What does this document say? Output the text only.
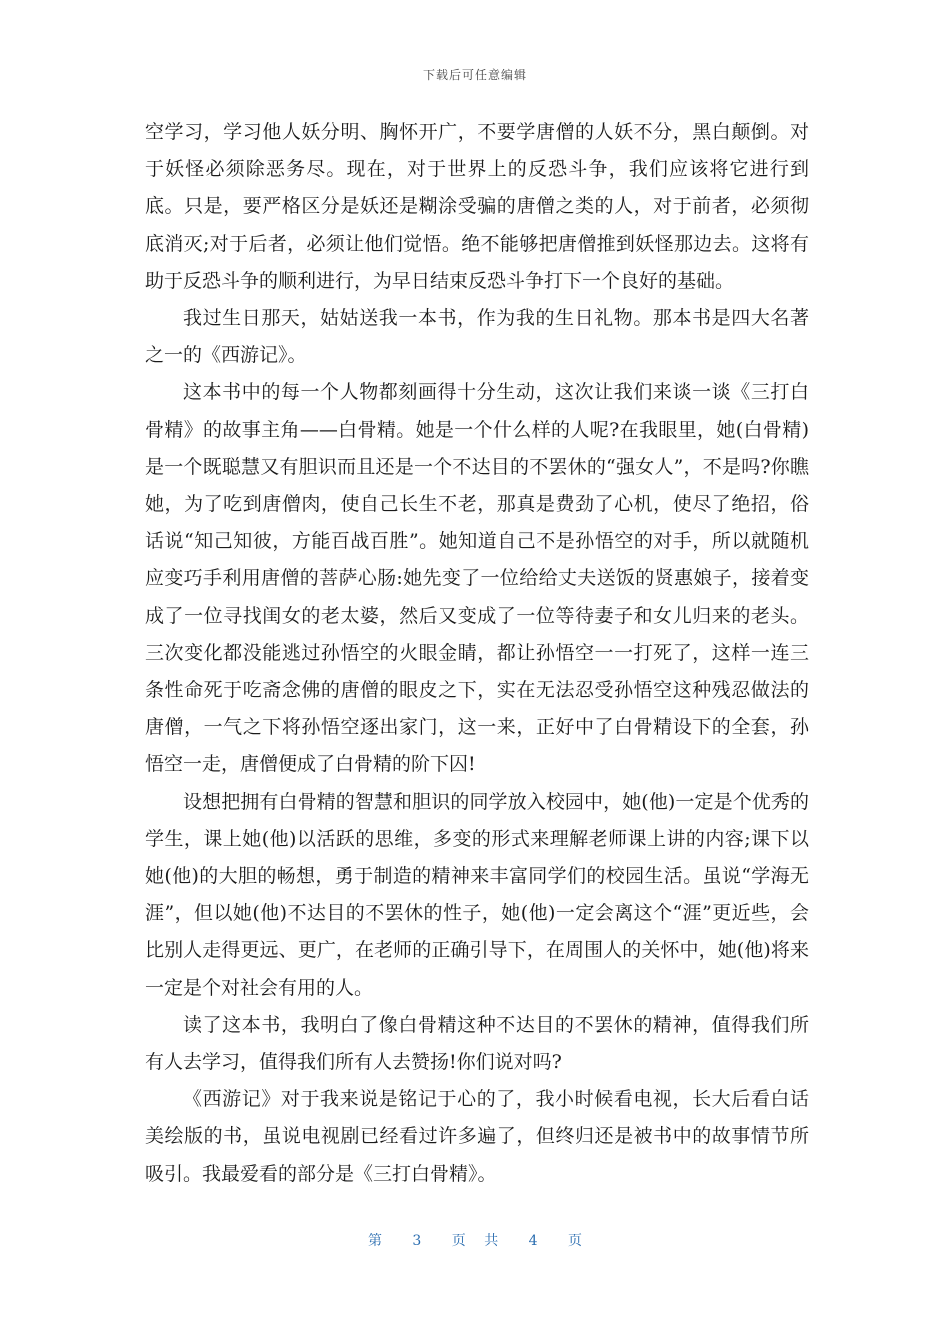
下载后可任意编辑

空学习，学习他人妖分明、胸怀开广，不要学唐僧的人妖不分，黑白颠倒。对于妖怪必须除恶务尽。现在，对于世界上的反恐斗争，我们应该将它进行到底。只是，要严格区分是妖还是糊涂受骗的唐僧之类的人，对于前者，必须彻底消灭;对于后者，必须让他们觉悟。绝不能够把唐僧推到妖怪那边去。这将有助于反恐斗争的顺利进行，为早日结束反恐斗争打下一个良好的基础。

我过生日那天，姑姑送我一本书，作为我的生日礼物。那本书是四大名著之一的《西游记》。

这本书中的每一个人物都刻画得十分生动，这次让我们来谈一谈《三打白骨精》的故事主角——白骨精。她是一个什么样的人呢?在我眼里，她(白骨精)是一个既聪慧又有胆识而且还是一个不达目的不罢休的“强女人”，不是吗?你瞧她，为了吃到唐僧肉，使自己长生不老，那真是费劲了心机，使尽了绝招，俗话说“知己知彼，方能百战百胜”。她知道自己不是孙悟空的对手，所以就随机应变巧手利用唐僧的菩萨心肠:她先变了一位给给丈夫送饭的贤惠娘子，接着变成了一位寻找闺女的老太婆，然后又变成了一位等待妻子和女儿归来的老头。三次变化都没能逃过孙悟空的火眼金睛，都让孙悟空一一打死了，这样一连三条性命死于吃斋念佛的唐僧的眼皮之下，实在无法忍受孙悟空这种残忍做法的唐僧，一气之下将孙悟空逐出家门，这一来，正好中了白骨精设下的全套，孙悟空一走，唐僧便成了白骨精的阶下囚!

设想把拥有白骨精的智慧和胆识的同学放入校园中，她(他)一定是个优秀的学生，课上她(他)以活跃的思维，多变的形式来理解老师课上讲的内容;课下以她(他)的大胆的畅想，勇于制造的精神来丰富同学们的校园生活。虽说“学海无涯”，但以她(他)不达目的不罢休的性子，她(他)一定会离这个“涯”更近些，会比别人走得更远、更广，在老师的正确引导下，在周围人的关怀中，她(他)将来一定是个对社会有用的人。

读了这本书，我明白了像白骨精这种不达目的不罢休的精神，值得我们所有人去学习，值得我们所有人去赞扬!你们说对吗?

《西游记》对于我来说是铭记于心的了，我小时候看电视，长大后看白话美绘版的书，虽说电视剧已经看过许多遍了，但终归还是被书中的故事情节所吸引。我最爱看的部分是《三打白骨精》。

第 3 页 共 4 页
